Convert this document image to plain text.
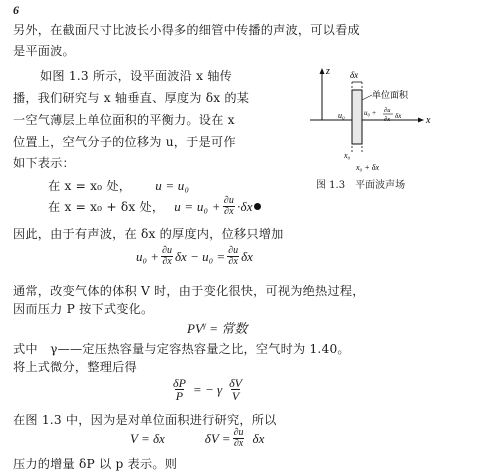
6
另外，在截面尺寸比波长小得多的细管中传播的声波，可以看成
是平面波。
如图 1.3 所示，设平面波沿 x 轴传
播，我们研究与 x 轴垂直、厚度为 δx 的某
一空气薄层上单位面积的平衡力。设在 x
位置上，空气分子的位移为 u，于是可作
如下表示：
在 x = x₀ 处， u = u₀
在 x = x₀ + δx 处， $u = u_0 + \frac{\partial u}{\partial x} \cdot\delta x$
因此，由于有声波，在 δx 的厚度内，位移只增加
$u_0 + \frac{\partial u}{\partial x}$ $\delta x - u_0 = \frac{\partial u}{\partial x}$ δx
通常，改变气体的体积 V 时，由于变化很快，可视为绝热过程，
因而压力 P 按下式变化。
$PV^\gamma$ = 常数
式中　γ——定压热容量与定容热容量之比，空气时为 1.40。
将上式微分，整理后得
$\frac{\delta P}{P}$ = − γ $\frac{\delta V}{V}$
在图 1.3 中，因为是对单位面积进行研究，所以
V = δx	$\delta V = \frac{\partial u}{\partial x}$ δx
压力的增量 δP 以 p 表示。则
z
x
δx
单位面积
u₀	u₀ + ∂u
∂x δx
x₀
x₀ + δx
图 1.3　平面波声场
